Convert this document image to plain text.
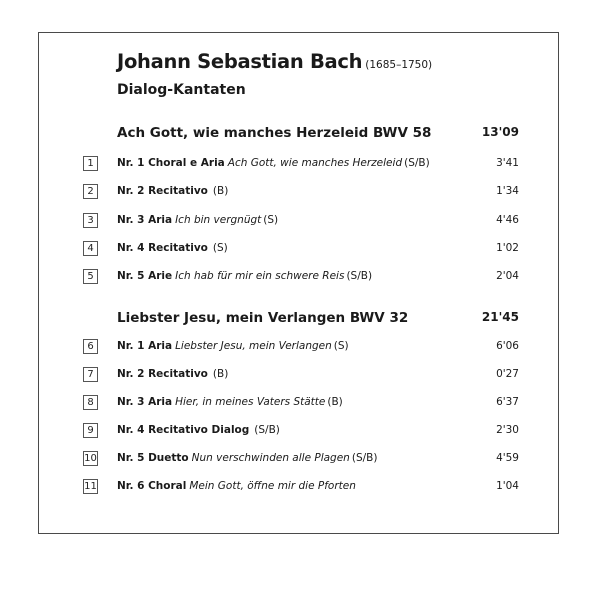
Johann Sebastian Bach (1685–1750)
Dialog-Kantaten
Ach Gott, wie manches Herzeleid BWV 58	13'09
1	Nr. 1 Choral e Aria Ach Gott, wie manches Herzeleid (S/B)	3'41
2	Nr. 2 Recitativo (B)	1'34
3	Nr. 3 Aria Ich bin vergnügt (S)	4'46
4	Nr. 4 Recitativo (S)	1'02
5	Nr. 5 Arie Ich hab für mir ein schwere Reis (S/B)	2'04
Liebster Jesu, mein Verlangen BWV 32	21'45
6	Nr. 1 Aria Liebster Jesu, mein Verlangen (S)	6'06
7	Nr. 2 Recitativo (B)	0'27
8	Nr. 3 Aria Hier, in meines Vaters Stätte (B)	6'37
9	Nr. 4 Recitativo Dialog (S/B)	2'30
10 Nr. 5 Duetto Nun verschwinden alle Plagen (S/B)	4'59
11 Nr. 6 Choral Mein Gott, öffne mir die Pforten	1'04
